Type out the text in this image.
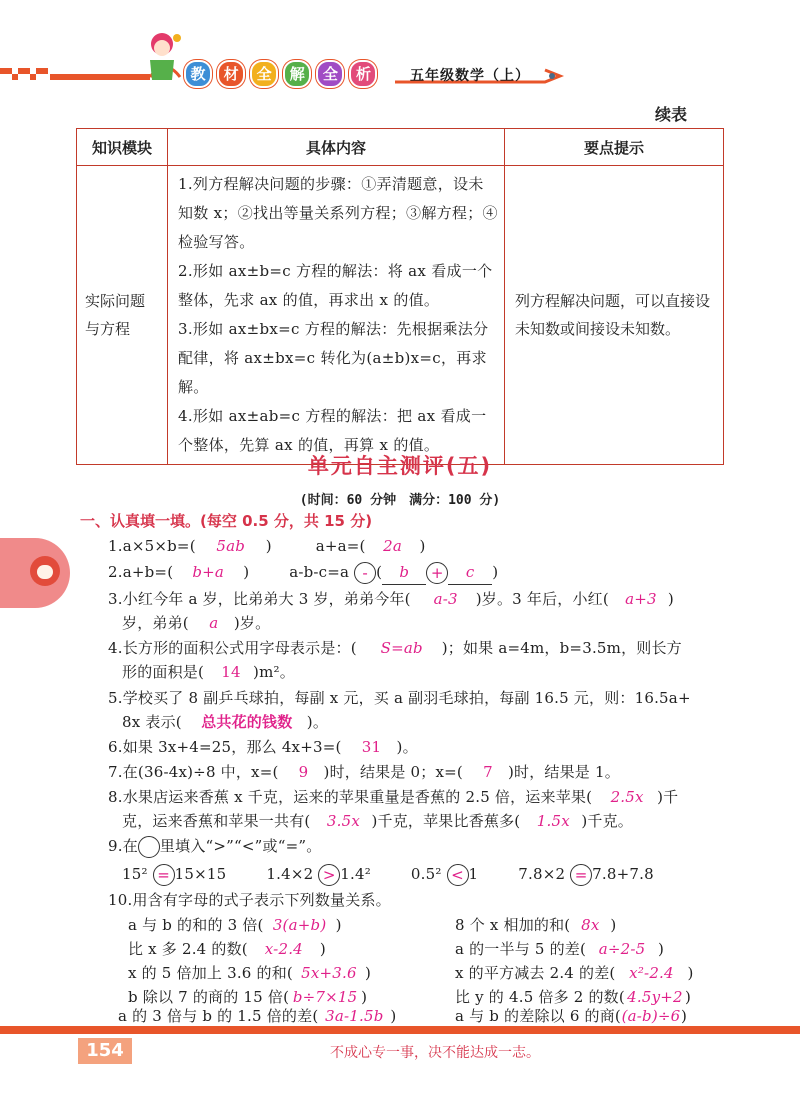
教 材 全 解 全 析	五年级数学（上）
续表
知识模块	具体内容	要点提示
实际问题与方程	1.列方程解决问题的步骤：①弄清题意，设未知数 x；②找出等量关系列方程；③解方程；④检验写答。

2.形如 ax±b=c 方程的解法：将 ax 看成一个整体，先求 ax 的值，再求出 x 的值。

3.形如 ax±bx=c 方程的解法：先根据乘法分配律，将 ax±bx=c 转化为(a±b)x=c，再求解。

4.形如 ax±ab=c 方程的解法：把 ax 看成一个整体，先算 ax 的值，再算 x 的值。	列方程解决问题，可以直接设未知数或间接设未知数。
单元自主测评(五)
(时间：60 分钟　满分：100 分)
一、认真填一填。(每空 0.5 分，共 15 分)
1.a×5×b=( 5ab )	a+a=( 2a )
2.a+b=( b+a )	a-b-c=a - ( b + c )
3.小红今年 a 岁，比弟弟大 3 岁，弟弟今年( a-3 )岁。3 年后，小红( a+3 )
岁，弟弟( a )岁。
4.长方形的面积公式用字母表示是：( S=ab )；如果 a=4m，b=3.5m，则长方
形的面积是( 14 )m²。
5.学校买了 8 副乒乓球拍，每副 x 元，买 a 副羽毛球拍，每副 16.5 元，则：16.5a+
8x 表示( 总共花的钱数 )。
6.如果 3x+4=25，那么 4x+3=( 31 )。
7.在(36-4x)÷8 中，x=( 9 )时，结果是 0；x=( 7 )时，结果是 1。
8.水果店运来香蕉 x 千克，运来的苹果重量是香蕉的 2.5 倍，运来苹果( 2.5x )千
克，运来香蕉和苹果一共有( 3.5x )千克，苹果比香蕉多( 1.5x )千克。
9.在 里填入“>”“<”或“=”。
15² = 15×15	1.4×2 > 1.4²	0.5² < 1	7.8×2 = 7.8+7.8
10.用含有字母的式子表示下列数量关系。
a 与 b 的和的 3 倍( 3(a+b) )	8 个 x 相加的和( 8x )
比 x 多 2.4 的数( x-2.4 )	a 的一半与 5 的差( a÷2-5 )
x 的 5 倍加上 3.6 的和( 5x+3.6 )	x 的平方减去 2.4 的差( x²-2.4 )
b 除以 7 的商的 15 倍( b÷7×15 )	比 y 的 4.5 倍多 2 的数( 4.5y+2 )
a 的 3 倍与 b 的 1.5 倍的差( 3a-1.5b )	a 与 b 的差除以 6 的商((a-b)÷6)
154	不成心专一事，决不能达成一志。
